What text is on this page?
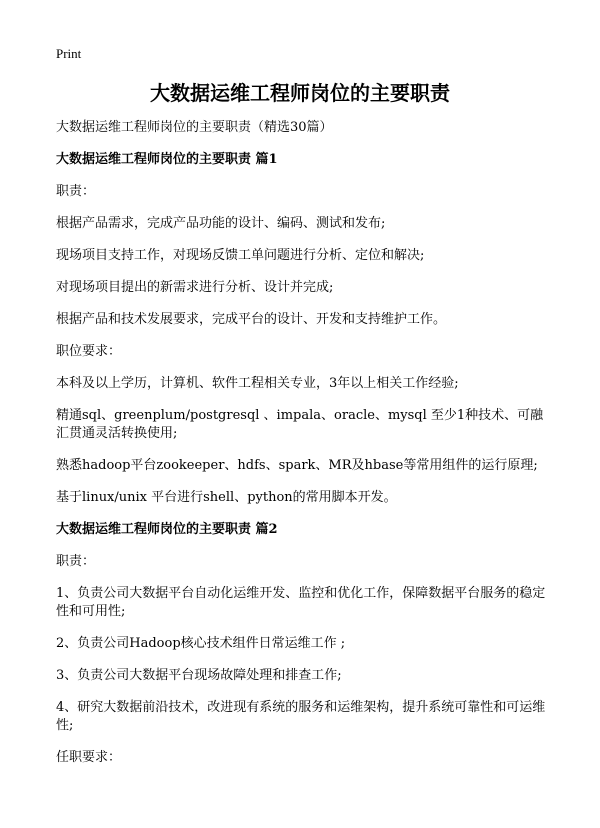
Print
大数据运维工程师岗位的主要职责

大数据运维工程师岗位的主要职责（精选30篇）

大数据运维工程师岗位的主要职责 篇1

职责：

根据产品需求，完成产品功能的设计、编码、测试和发布;

现场项目支持工作，对现场反馈工单问题进行分析、定位和解决;

对现场项目提出的新需求进行分析、设计并完成;

根据产品和技术发展要求，完成平台的设计、开发和支持维护工作。

职位要求：

本科及以上学历，计算机、软件工程相关专业，3年以上相关工作经验;

精通sql、greenplum/postgresql 、impala、oracle、mysql 至少1种技术、可融汇贯通灵活转换使用;

熟悉hadoop平台zookeeper、hdfs、spark、MR及hbase等常用组件的运行原理;

基于linux/unix 平台进行shell、python的常用脚本开发。

大数据运维工程师岗位的主要职责 篇2

职责：

1、负责公司大数据平台自动化运维开发、监控和优化工作，保障数据平台服务的稳定性和可用性;

2、负责公司Hadoop核心技术组件日常运维工作 ;

3、负责公司大数据平台现场故障处理和排查工作;

4、研究大数据前沿技术，改进现有系统的服务和运维架构，提升系统可靠性和可运维性;

任职要求：
